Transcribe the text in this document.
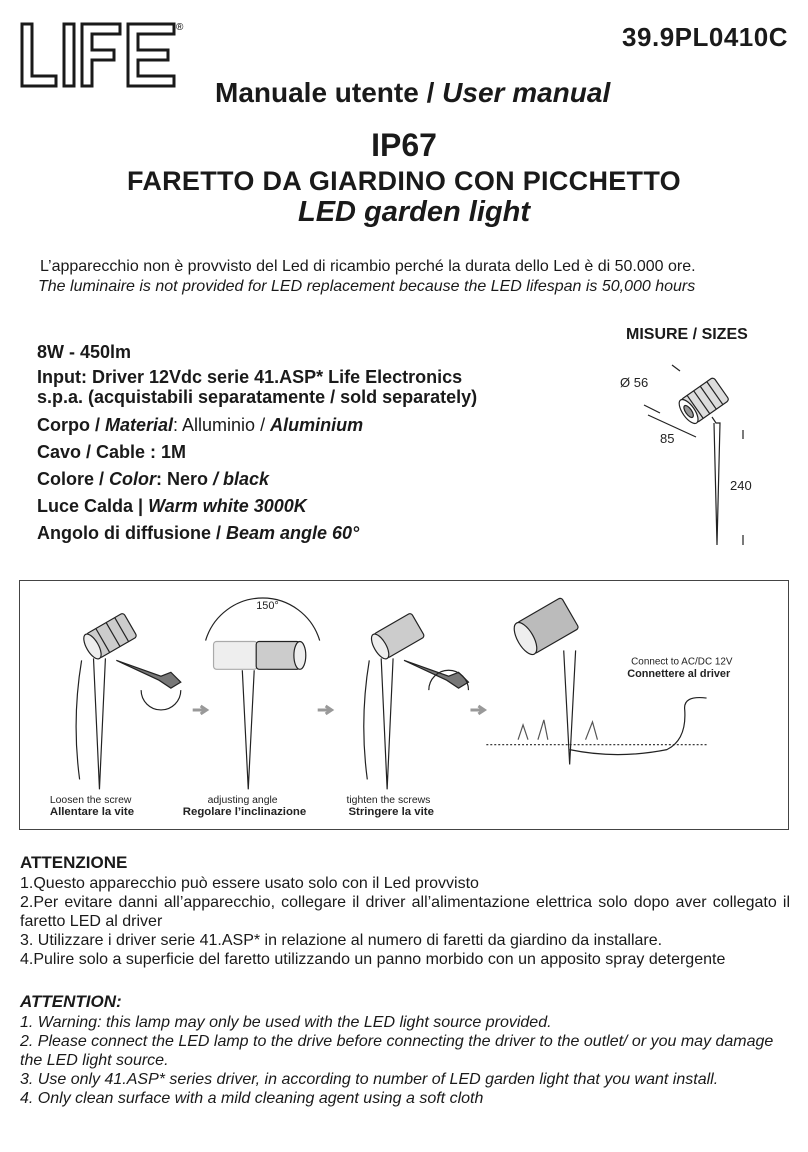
®	39.9PL0410C
Manuale utente / User manual
IP67
FARETTO DA GIARDINO CON PICCHETTO
LED garden light
L’apparecchio non è provvisto del Led di ricambio perché la durata dello Led è di 50.000 ore.
The luminaire is not provided for LED replacement because the LED lifespan is 50,000 hours
8W - 450lm
Input: Driver 12Vdc serie 41.ASP* Life Electronics
s.p.a. (acquistabili separatamente / sold separately)
Corpo / Material: Alluminio / Aluminium
Cavo / Cable : 1M
Colore / Color: Nero / black
Luce Calda | Warm white 3000K
Angolo di diffusione / Beam angle 60°
MISURE / SIZES
Ø 56
85
240
150°
Connect to AC/DC 12V
Connettere al driver
Loosen the screw
Allentare la vite
adjusting angle
Regolare l’inclinazione
tighten the screws
Stringere la vite
ATTENZIONE

1.Questo apparecchio può essere usato solo con il Led provvisto

2.Per evitare danni all’apparecchio, collegare il driver all’alimentazione elettrica solo dopo aver collegato il faretto LED al driver

3. Utilizzare i driver serie 41.ASP* in relazione al numero di faretti da giardino da installare.

4.Pulire solo a superficie del faretto utilizzando un panno morbido con un apposito spray detergente

ATTENTION:

1. Warning: this lamp may only be used with the LED light source provided.

2. Please connect the LED lamp to the drive before connecting the driver to the outlet/ or you may damage the LED light source.

3. Use only 41.ASP* series driver, in according to number of LED garden light that you want install.

4. Only clean surface with a mild cleaning agent using a soft cloth
